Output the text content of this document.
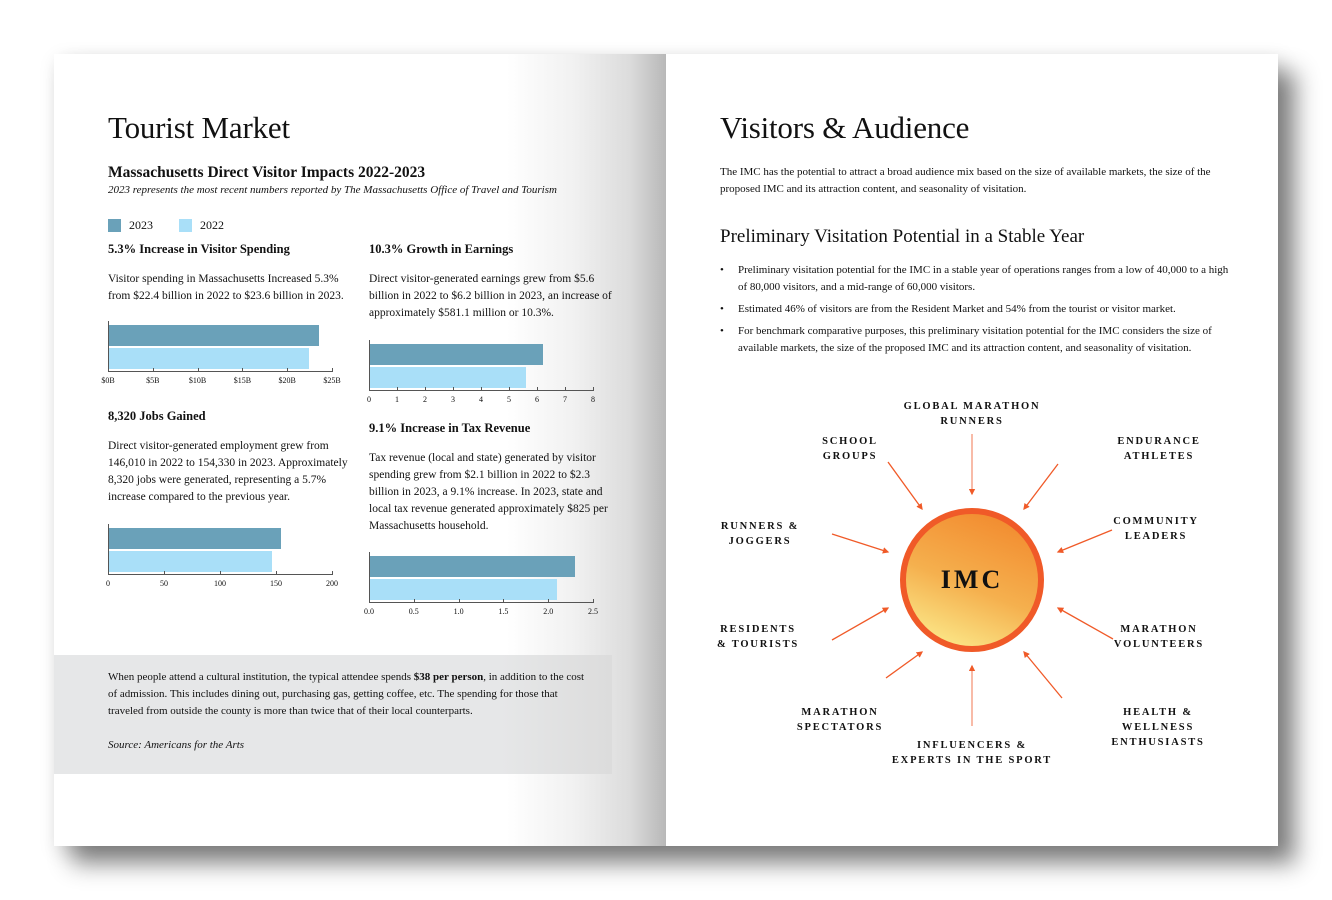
Tourist Market
Massachusetts Direct Visitor Impacts 2022-2023
2023 represents the most recent numbers reported by The Massachusetts Office of Travel and Tourism
2023	2022
5.3% Increase in Visitor Spending

Visitor spending in Massachusetts Increased 5.3% from $22.4 billion in 2022 to $23.6 billion in 2023.

10.3% Growth in Earnings

Direct visitor-generated earnings grew from $5.6 billion in 2022 to $6.2 billion in 2023, an increase of approximately $581.1 million or 10.3%.

8,320 Jobs Gained

Direct visitor-generated employment grew from 146,010 in 2022 to 154,330 in 2023. Approximately 8,320 jobs were generated, representing a 5.7% increase compared to the previous year.

9.1% Increase in Tax Revenue

Tax revenue (local and state) generated by visitor spending grew from $2.1 billion in 2022 to $2.3 billion in 2023, a 9.1% increase. In 2023, state and local tax revenue generated approximately $825 per Massachusetts household.

$0B	$5B	$10B	$15B	$20B	$25B
0	1	2	3	4	5	6	7	8
0	50	100	150	200
0.0	0.5	1.0	1.5	2.0	2.5

When people attend a cultural institution, the typical attendee spends $38 per person, in addition to the cost of admission. This includes dining out, purchasing gas, getting coffee, etc. The spending for those that traveled from outside the county is more than twice that of their local counterparts.

Source: Americans for the Arts
Visitors & Audience

The IMC has the potential to attract a broad audience mix based on the size of available markets, the size of the proposed IMC and its attraction content, and seasonality of visitation.

Preliminary Visitation Potential in a Stable Year
• Preliminary visitation potential for the IMC in a stable year of operations ranges from a low of 40,000 to a high of 80,000 visitors, and a mid-range of 60,000 visitors.
• Estimated 46% of visitors are from the Resident Market and 54% from the tourist or visitor market.
• For benchmark comparative purposes, this preliminary visitation potential for the IMC considers the size of available markets, the size of the proposed IMC and its attraction content, and seasonality of visitation.
IMC
GLOBAL MARATHON
RUNNERS
ENDURANCE
ATHLETES
COMMUNITY
LEADERS
MARATHON
VOLUNTEERS
HEALTH & WELLNESS
ENTHUSIASTS
INFLUENCERS &
EXPERTS IN THE SPORT
MARATHON
SPECTATORS
RESIDENTS
& TOURISTS
RUNNERS &
JOGGERS
SCHOOL
GROUPS
